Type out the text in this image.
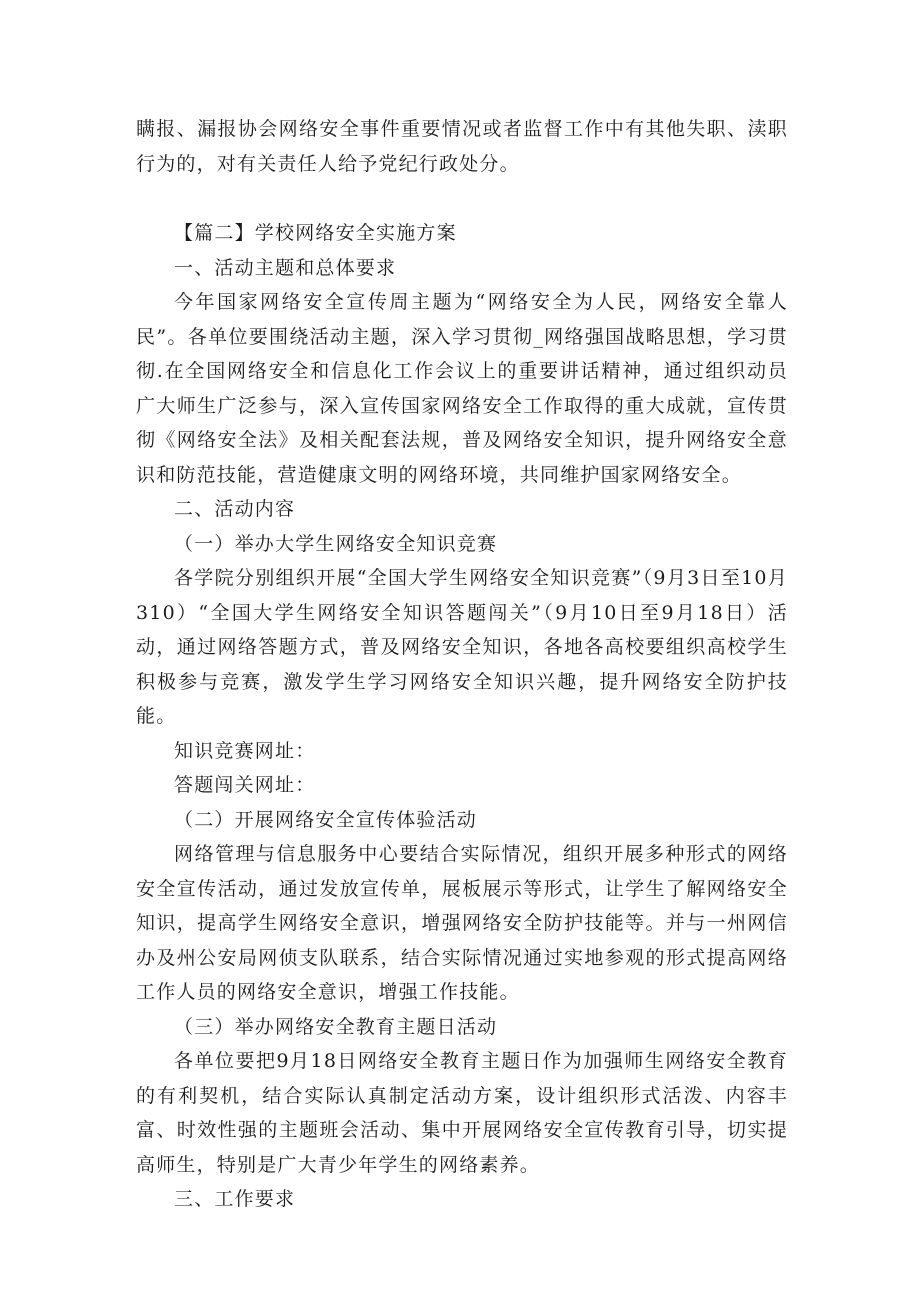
瞒报、漏报协会网络安全事件重要情况或者监督工作中有其他失职、渎职行为的，对有关责任人给予党纪行政处分。

【篇二】学校网络安全实施方案

一、活动主题和总体要求

今年国家网络安全宣传周主题为“网络安全为人民，网络安全靠人民”。各单位要围绕活动主题，深入学习贯彻_网络强国战略思想，学习贯彻.在全国网络安全和信息化工作会议上的重要讲话精神，通过组织动员广大师生广泛参与，深入宣传国家网络安全工作取得的重大成就，宣传贯彻《网络安全法》及相关配套法规，普及网络安全知识，提升网络安全意识和防范技能，营造健康文明的网络环境，共同维护国家网络安全。

二、活动内容

（一）举办大学生网络安全知识竞赛

各学院分别组织开展“全国大学生网络安全知识竞赛”（9月3日至10月310）“全国大学生网络安全知识答题闯关”（9月10日至9月18日）活动，通过网络答题方式，普及网络安全知识，各地各高校要组织高校学生积极参与竞赛，激发学生学习网络安全知识兴趣，提升网络安全防护技能。

知识竞赛网址：

答题闯关网址：

（二）开展网络安全宣传体验活动

网络管理与信息服务中心要结合实际情况，组织开展多种形式的网络安全宣传活动，通过发放宣传单，展板展示等形式，让学生了解网络安全知识，提高学生网络安全意识，增强网络安全防护技能等。并与一州网信办及州公安局网侦支队联系，结合实际情况通过实地参观的形式提高网络工作人员的网络安全意识，增强工作技能。

（三）举办网络安全教育主题日活动

各单位要把9月18日网络安全教育主题日作为加强师生网络安全教育的有利契机，结合实际认真制定活动方案，设计组织形式活泼、内容丰富、时效性强的主题班会活动、集中开展网络安全宣传教育引导，切实提高师生，特别是广大青少年学生的网络素养。

三、工作要求
